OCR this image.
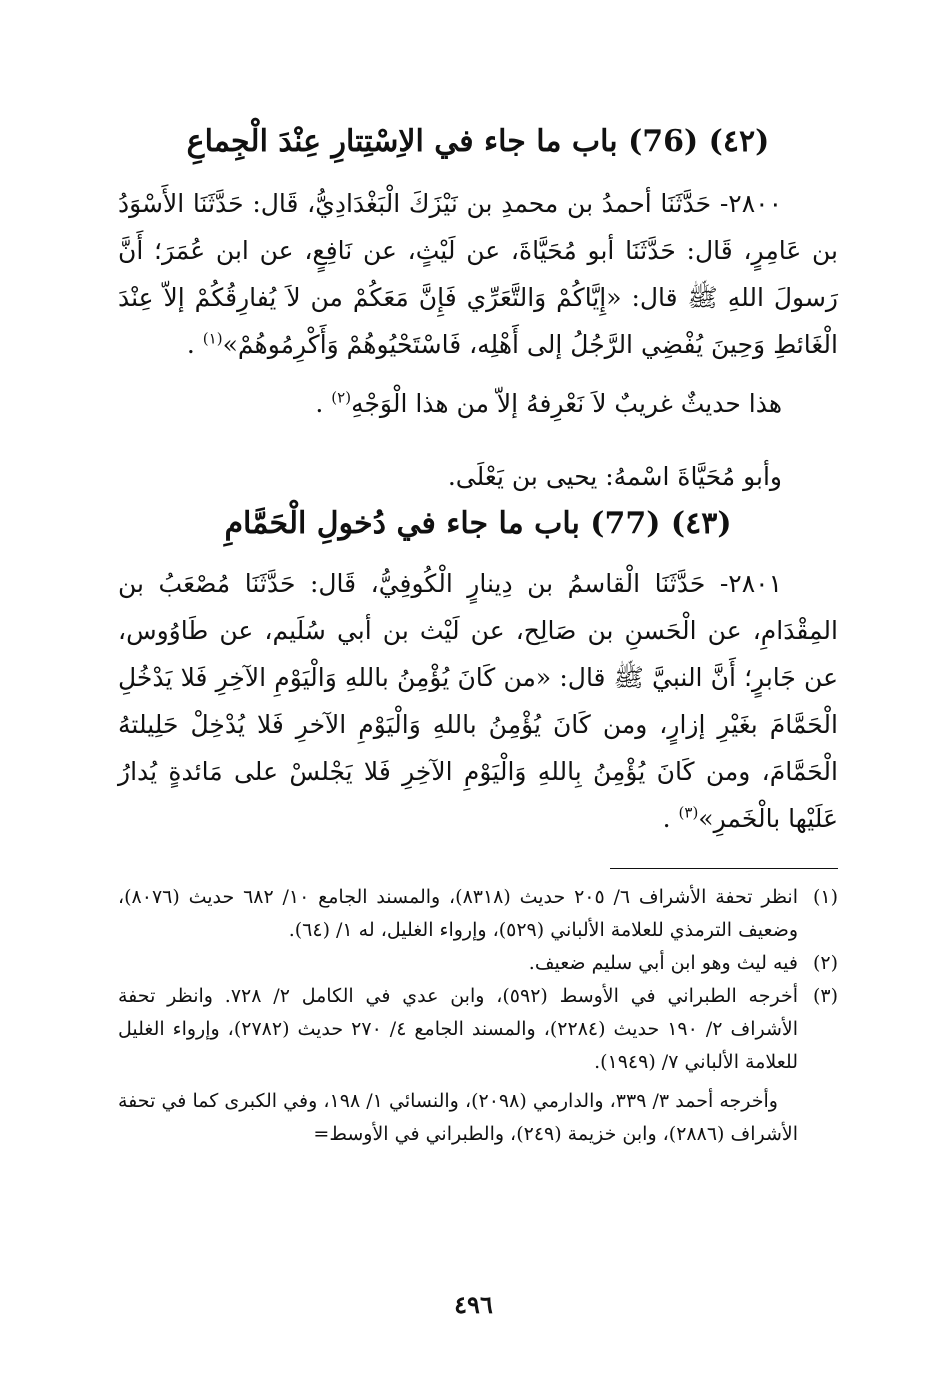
(٤٢) (76) باب ما جاء في الاِسْتِتارِ عِنْدَ الْجِماعِ

٢٨٠٠- حَدَّثَنَا أحمدُ بن محمدِ بن نَيْزَكَ الْبَغْدَادِيُّ، قَال: حَدَّثَنَا الأَسْوَدُ بن عَامِرٍ، قَال: حَدَّثَنَا أبو مُحَيَّاةَ، عن لَيْثٍ، عن نَافِعٍ، عن ابن عُمَرَ؛ أَنَّ رَسولَ اللهِ ﷺ قال: «إِيَّاكُمْ وَالتَّعَرِّي فَإِنَّ مَعَكُمْ من لاَ يُفارِقُكُمْ إلاّ عِنْدَ الْغَائطِ وَحِينَ يُفْضِي الرَّجُلُ إلى أَهْلِه، فَاسْتَحْيُوهُمْ وَأَكْرِمُوهُمْ»$^{(١)}$ .

هذا حديثٌ غريبٌ لاَ نَعْرِفهُ إلاّ من هذا الْوَجْهِ$^{(٢)}$ .

وأبو مُحَيَّاةَ اسْمهُ: يحيى بن يَعْلَى.

(٤٣) (77) باب ما جاء في دُخولِ الْحَمَّامِ

٢٨٠١- حَدَّثَنَا الْقاسمُ بن دِينارٍ الْكُوفِيُّ، قَال: حَدَّثَنَا مُصْعَبُ بن المِقْدَامِ، عن الْحَسنِ بن صَالِح، عن لَيْث بن أبي سُلَيم، عن طَاوُوس، عن جَابرٍ؛ أَنَّ النبيَّ ﷺ قال: «من كَانَ يُؤْمِنُ باللهِ وَالْيَوْمِ الآخِرِ فَلا يَدْخُلِ الْحَمَّامَ بغَيْرِ إزارٍ، ومن كَانَ يُؤْمِنُ باللهِ وَالْيَوْمِ الآخرِ فَلا يُدْخِلْ حَلِيلتهُ الْحَمَّامَ، ومن كَانَ يُؤْمِنُ بِاللهِ وَالْيَوْمِ الآخِرِ فَلا يَجْلسْ على مَائدةٍ يُدارُ عَلَيْها بالْخَمرِ»$^{(٣)}$ .

(١)
انظر تحفة الأشراف ٦/ ٢٠٥ حديث (٨٣١٨)، والمسند الجامع ١٠/ ٦٨٢ حديث (٨٠٧٦)، وضعيف الترمذي للعلامة الألباني (٥٢٩)، وإرواء الغليل، له ١/ (٦٤).
(٢)
فيه ليث وهو ابن أبي سليم ضعيف.
(٣)
أخرجه الطبراني في الأوسط (٥٩٢)، وابن عدي في الكامل ٢/ ٧٢٨. وانظر تحفة الأشراف ٢/ ١٩٠ حديث (٢٢٨٤)، والمسند الجامع ٤/ ٢٧٠ حديث (٢٧٨٢)، وإرواء الغليل للعلامة الألباني ٧/ (١٩٤٩).

وأخرجه أحمد ٣/ ٣٣٩، والدارمي (٢٠٩٨)، والنسائي ١/ ١٩٨، وفي الكبرى كما في تحفة الأشراف (٢٨٨٦)، وابن خزيمة (٢٤٩)، والطبراني في الأوسط=

٤٩٦
